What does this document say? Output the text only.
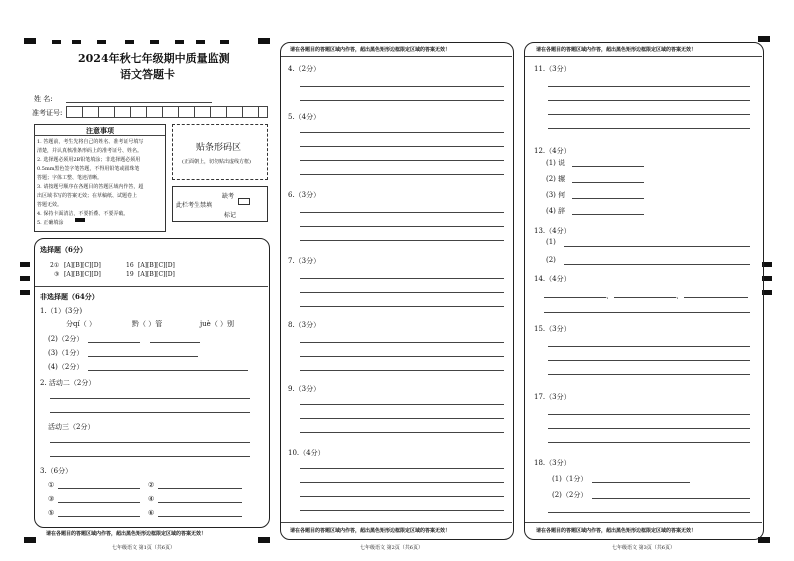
2024年秋七年级期中质量监测
语文答题卡
姓 名:
准考证号:
注意事项
1. 答题前，考生先将自己的姓名、准考证号填写
清楚，并认真核准条形码上的准考证号、姓名。
2. 选择题必须用2B铅笔填涂；非选择题必须用
0.5mm黑色签字笔答题，不得用铅笔或圆珠笔
答题；字体工整、笔迹清晰。
3. 请按题号顺序在各题目的答题区域内作答，超
出区域书写的答案无效；在草稿纸、试题卷上
答题无效。
4. 保持卡面清洁，不要折叠、不要弄破。
5. 正确填涂
贴条形码区
(正面朝上，切勿贴出虚线方框)
此栏考生禁填
缺考
标记
选择题（6分）
2① [A][B][C][D]	16 [A][B][C][D]
③ [A][B][C][D]	19 [A][B][C][D]
非选择题（64分）
1.（1）(3分)
分qí（ ）	黔（ ）管	juè（ ）别
(2)（2分）
(3)（1分）
(4)（2分）
2. 活动二（2分）
活动三（2分）
3.（6分）
①	②
③	④
⑤	⑥
请在各题目的答题区域内作答，超出黑色矩形边框限定区域的答案无效！
七年级语文 第1页（共6页）
请在各题目的答题区域内作答，超出黑色矩形边框限定区域的答案无效！
4.（2分）
5.（4分）
6.（3分）
7.（3分）
8.（3分）
9.（3分）
10.（4分）
请在各题目的答题区域内作答，超出黑色矩形边框限定区域的答案无效！
七年级语文 第2页（共6页）
请在各题目的答题区域内作答，超出黑色矩形边框限定区域的答案无效！
11.（3分）
12.（4分）
(1) 说
(2) 辗
(3) 何
(4) 辞
13.（4分）
(1)
(2)
14.（4分）
、	、
15.（3分）
17.（3分）
18.（3分）
(1)（1分）
(2)（2分）
请在各题目的答题区域内作答，超出黑色矩形边框限定区域的答案无效！
七年级语文 第3页（共6页）
